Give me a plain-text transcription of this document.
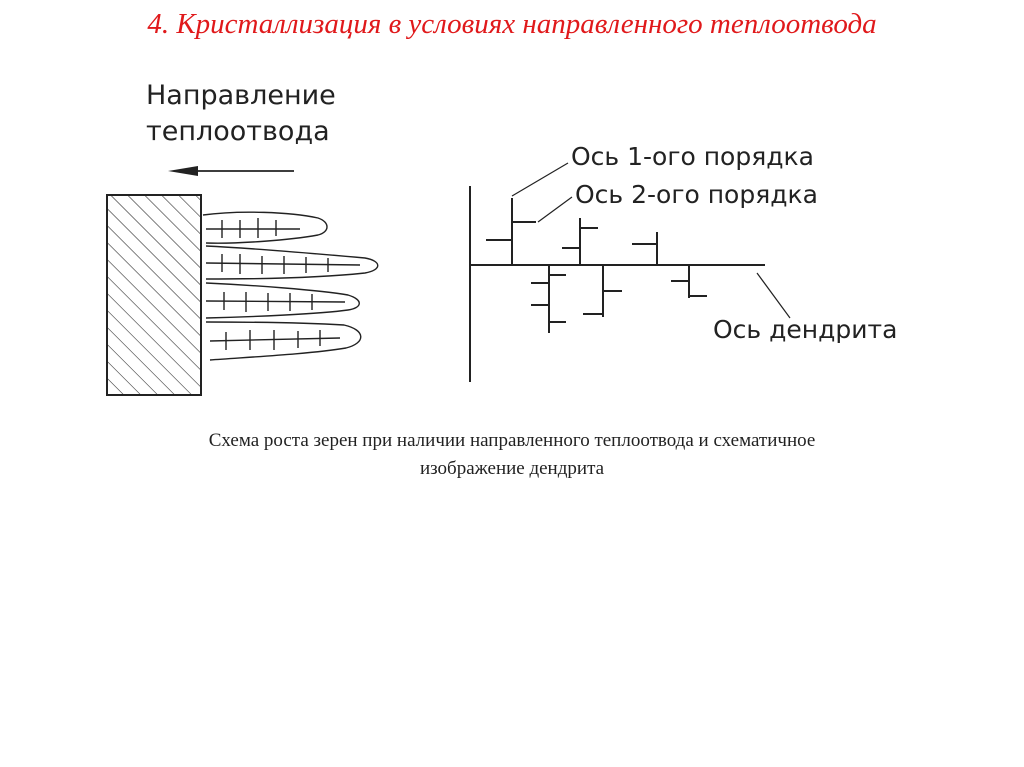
4. Кристаллизация в условиях направленного теплоотвода
Направление
теплоотвода
Ось 1-ого порядка
Ось 2-ого порядка
Ось дендрита
Схема роста зерен при наличии направленного теплоотвода и схематичное
изображение дендрита
